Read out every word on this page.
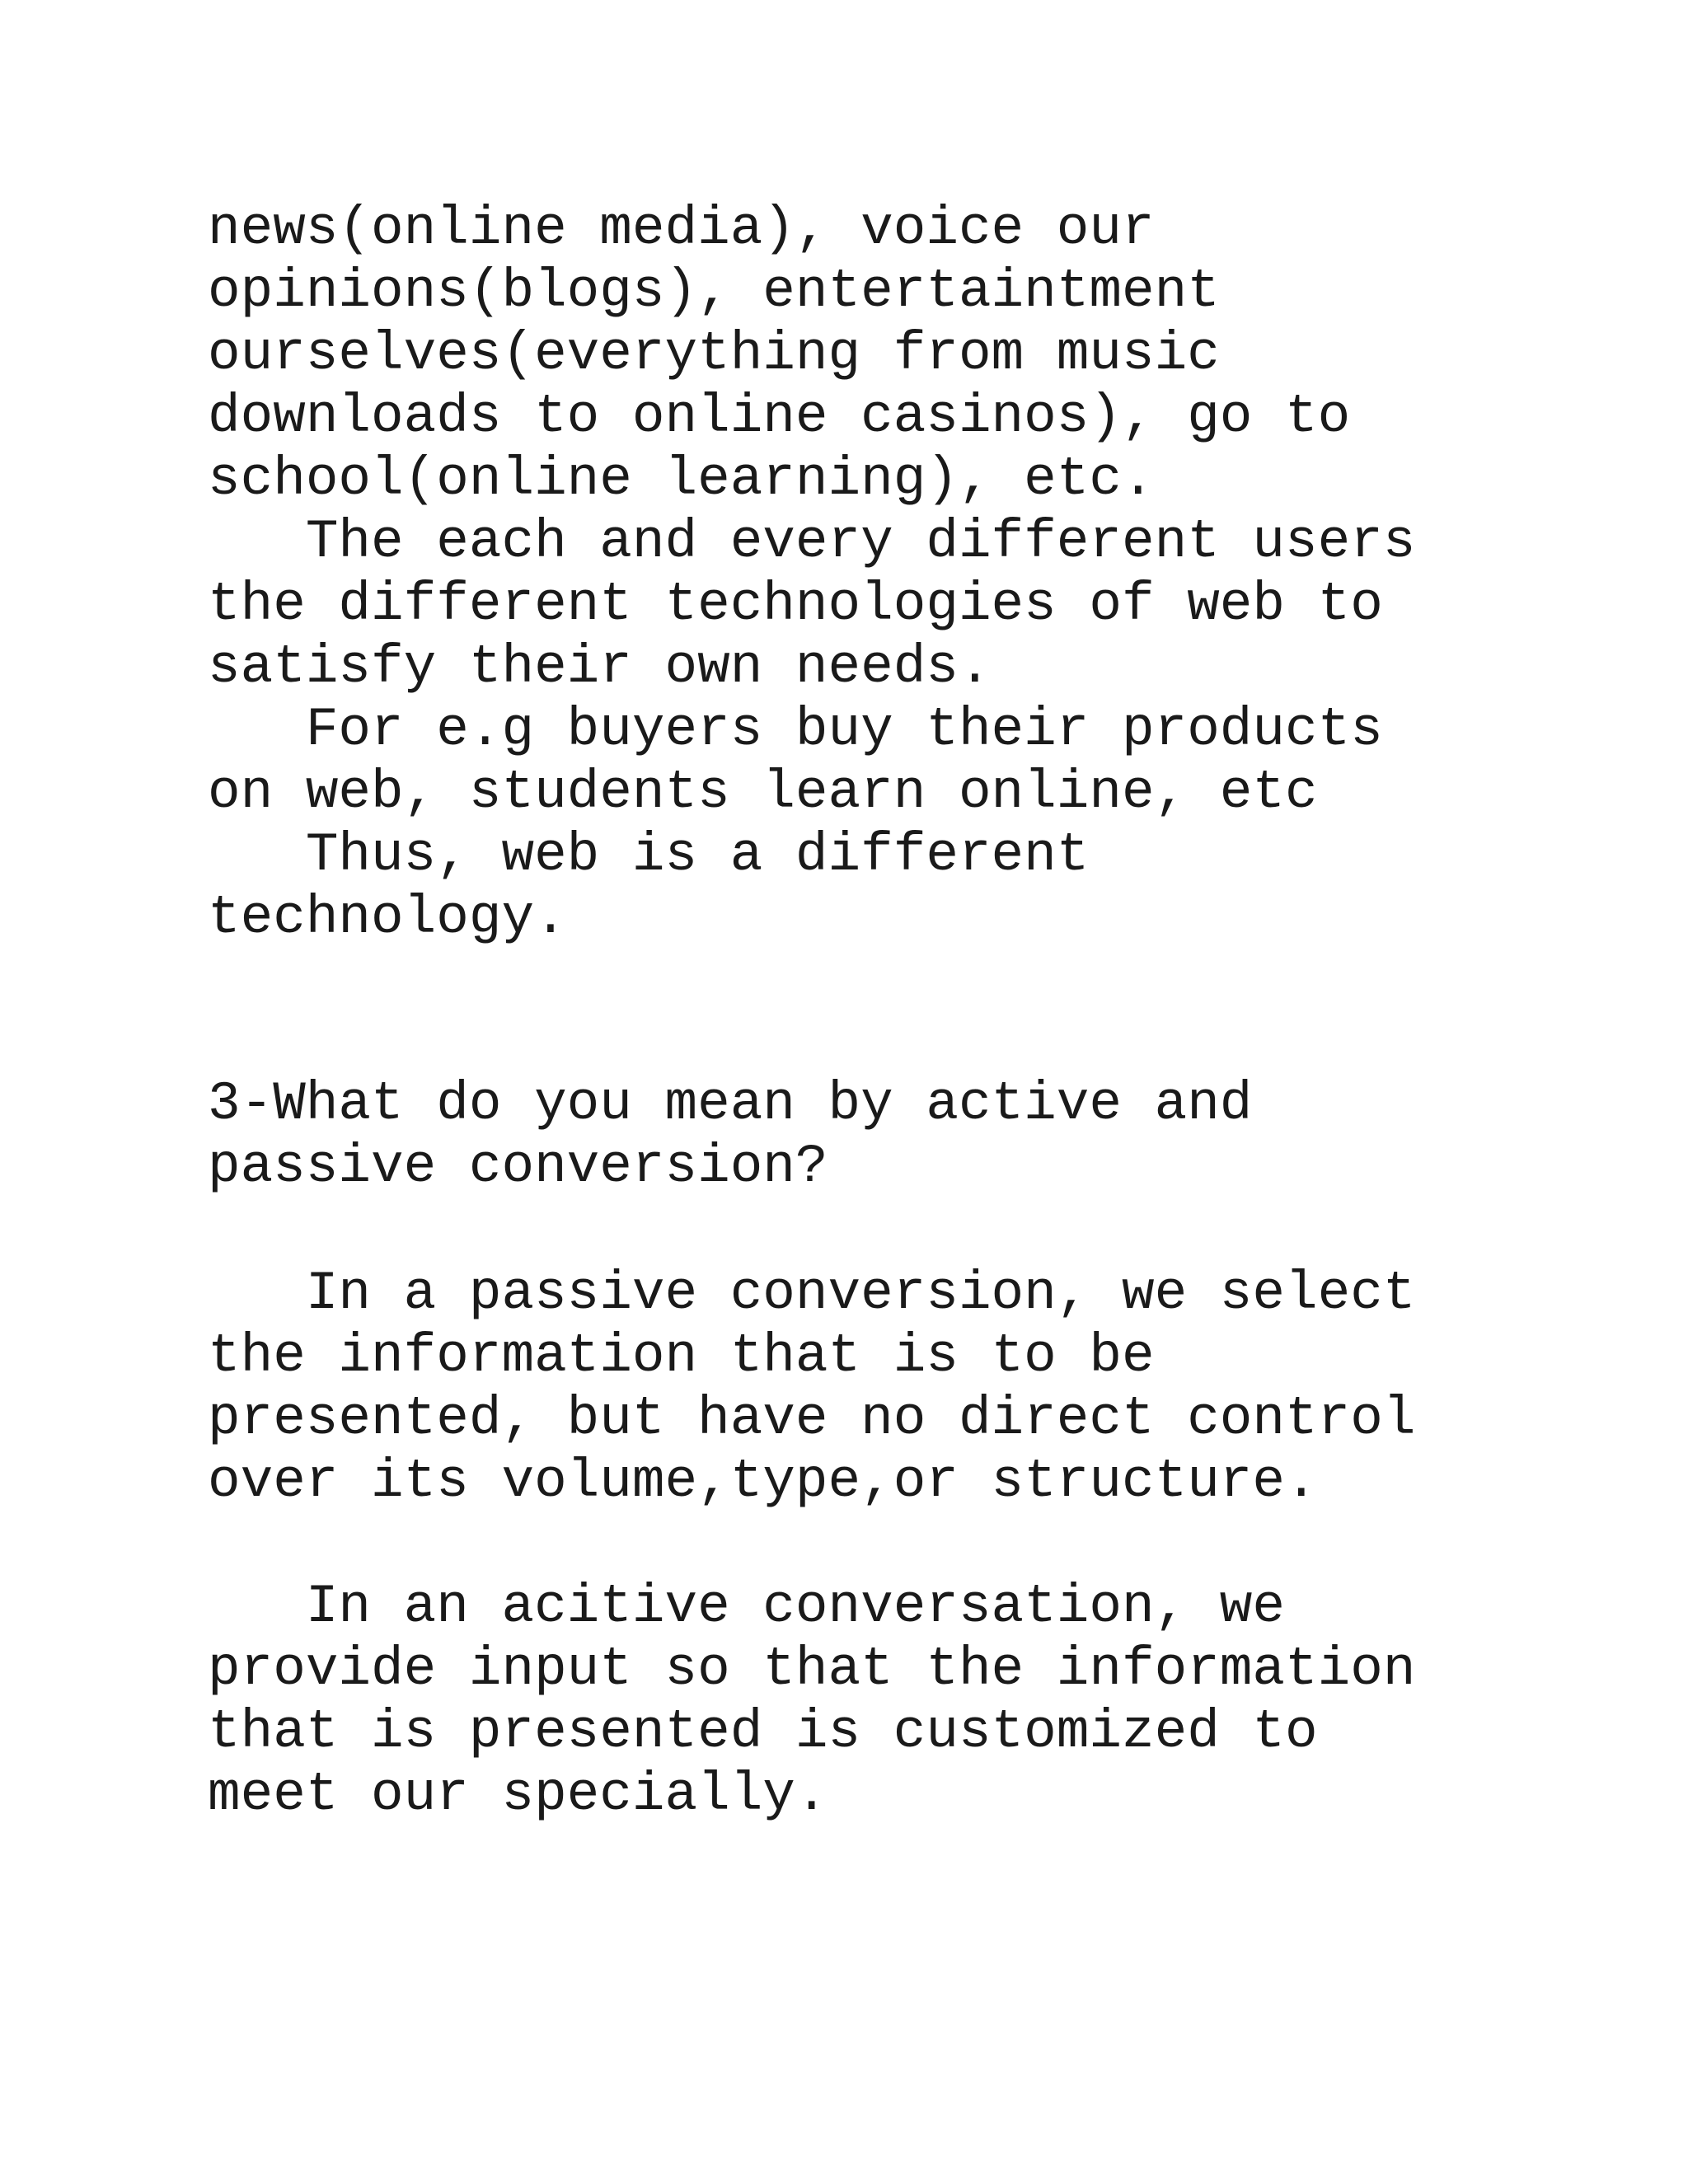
news(online media), voice our

opinions(blogs), entertaintment

ourselves(everything from music

downloads to online casinos), go to

school(online learning), etc.

The each and every different users

the different technologies of web to

satisfy their own needs.

For e.g buyers buy their products

on web, students learn online, etc

Thus, web is a different

technology.

3-What do you mean by active and

passive conversion?

In a passive conversion, we select

the information that is to be

presented, but have no direct control

over its volume,type,or structure.

In an acitive conversation, we

provide input so that the information

that is presented is customized to

meet our specially.
